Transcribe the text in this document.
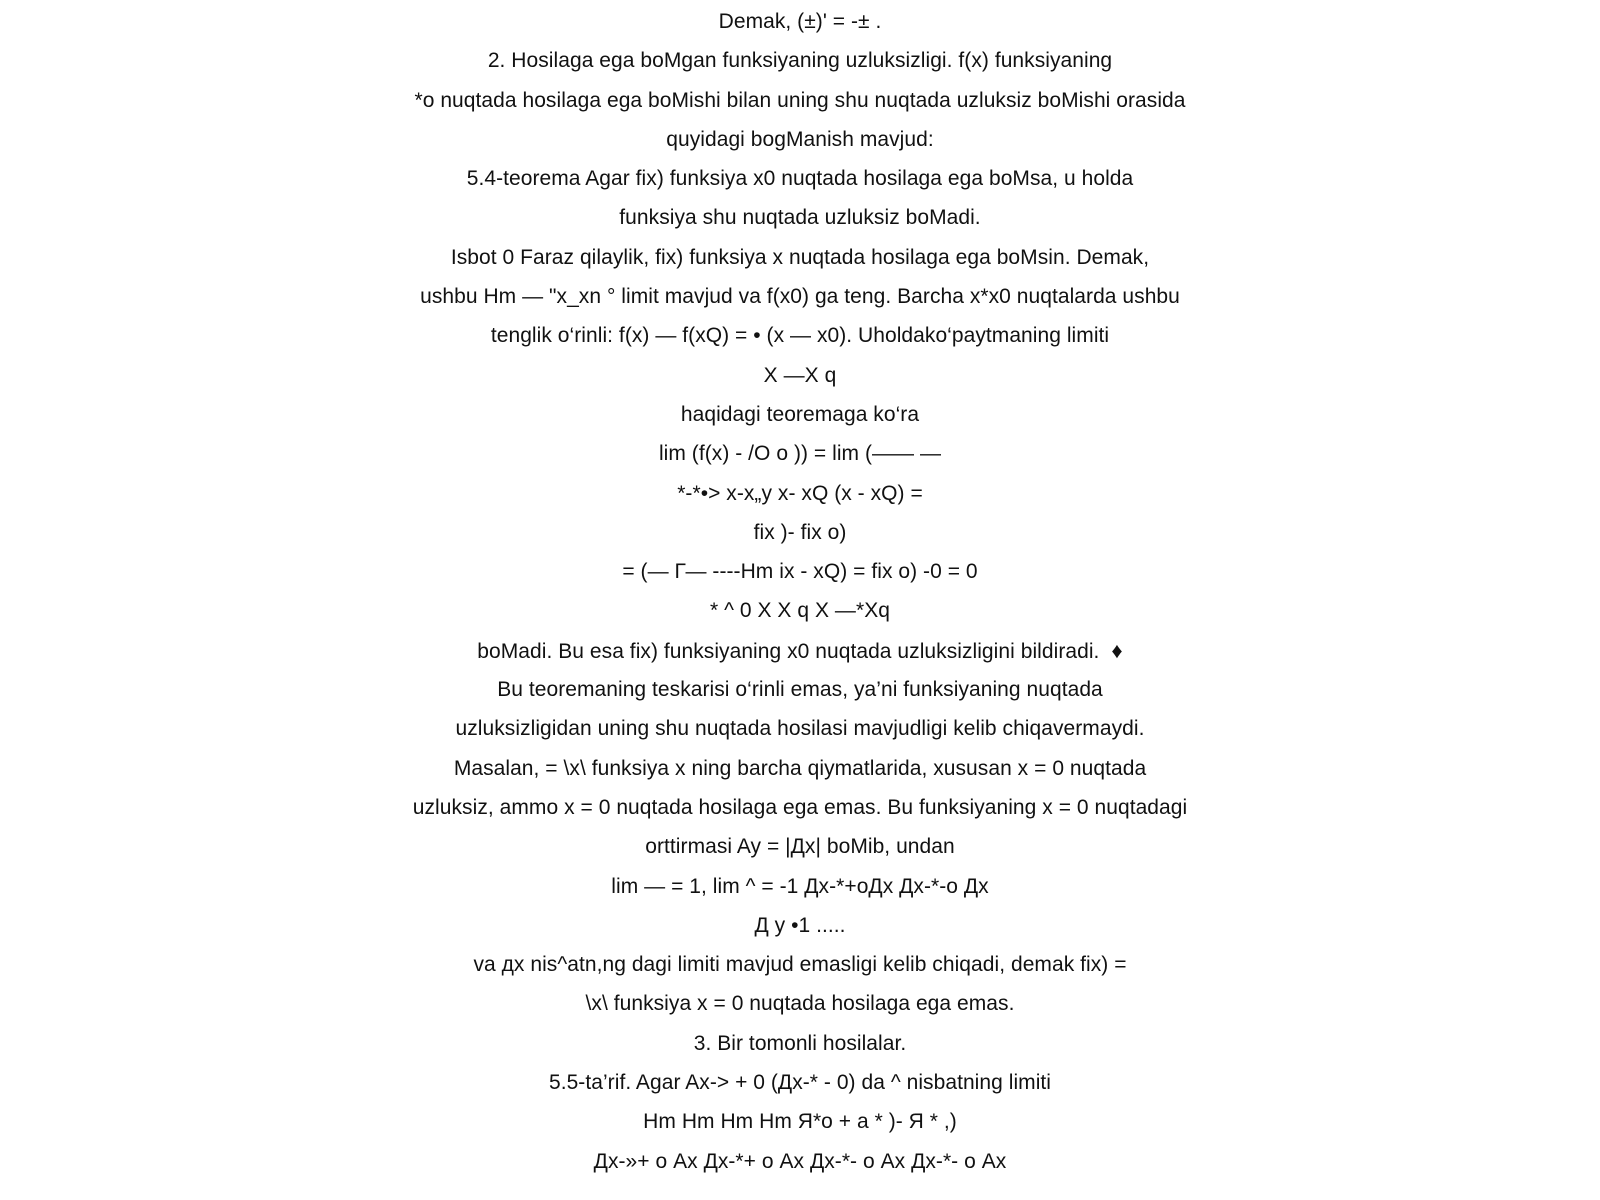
Demak, (±)' = -± .
2. Hosilaga ega boMgan funksiyaning uzluksizligi. f(x) funksiyaning
*o nuqtada hosilaga ega boMishi bilan uning shu nuqtada uzluksiz boMishi orasida
quyidagi bogManish mavjud:
5.4-teorema Agar fix) funksiya x0 nuqtada hosilaga ega boMsa, u holda
funksiya shu nuqtada uzluksiz boMadi.
Isbot 0 Faraz qilaylik, fix) funksiya x nuqtada hosilaga ega boMsin. Demak,
ushbu Hm — "x_xn ° limit mavjud va f(x0) ga teng. Barcha x*x0 nuqtalarda ushbu
tenglik o‘rinli: f(x) — f(xQ) = • (x — x0). Uholdako‘paytmaning limiti
X —X q
haqidagi teoremaga ko‘ra
lim (f(x) - /O o )) = lim (—— —
*-*•> x-x„y x- xQ (x - xQ) =
fix )- fix o)
= (— Г— ----Hm ix - xQ) = fix o) -0 = 0
* ^ 0 X X q X —*Xq
boMadi. Bu esa fix) funksiyaning x0 nuqtada uzluksizligini bildiradi. ♦
Bu teoremaning teskarisi o‘rinli emas, ya’ni funksiyaning nuqtada
uzluksizligidan uning shu nuqtada hosilasi mavjudligi kelib chiqavermaydi.
Masalan, = \x\ funksiya x ning barcha qiymatlarida, xususan x = 0 nuqtada
uzluksiz, ammo x = 0 nuqtada hosilaga ega emas. Bu funksiyaning x = 0 nuqtadagi
orttirmasi Ay = |Дх| boMib, undan
lim — = 1, lim ^ = -1 Дх-*+оДх Дх-*-о Дх
Д у •1 .....
va дх nis^atn,ng dagi limiti mavjud emasligi kelib chiqadi, demak fix) =
\x\ funksiya x = 0 nuqtada hosilaga ega emas.
3. Bir tomonli hosilalar.
5.5-ta’rif. Agar Ax-> + 0 (Дх-* - 0) da ^ nisbatning limiti
Hm Hm Hm Hm Я*о + a * )- Я * ,)
Дх-»+ о Ax Дх-*+ о Ax Дх-*- о Ax Дх-*- о Ax
